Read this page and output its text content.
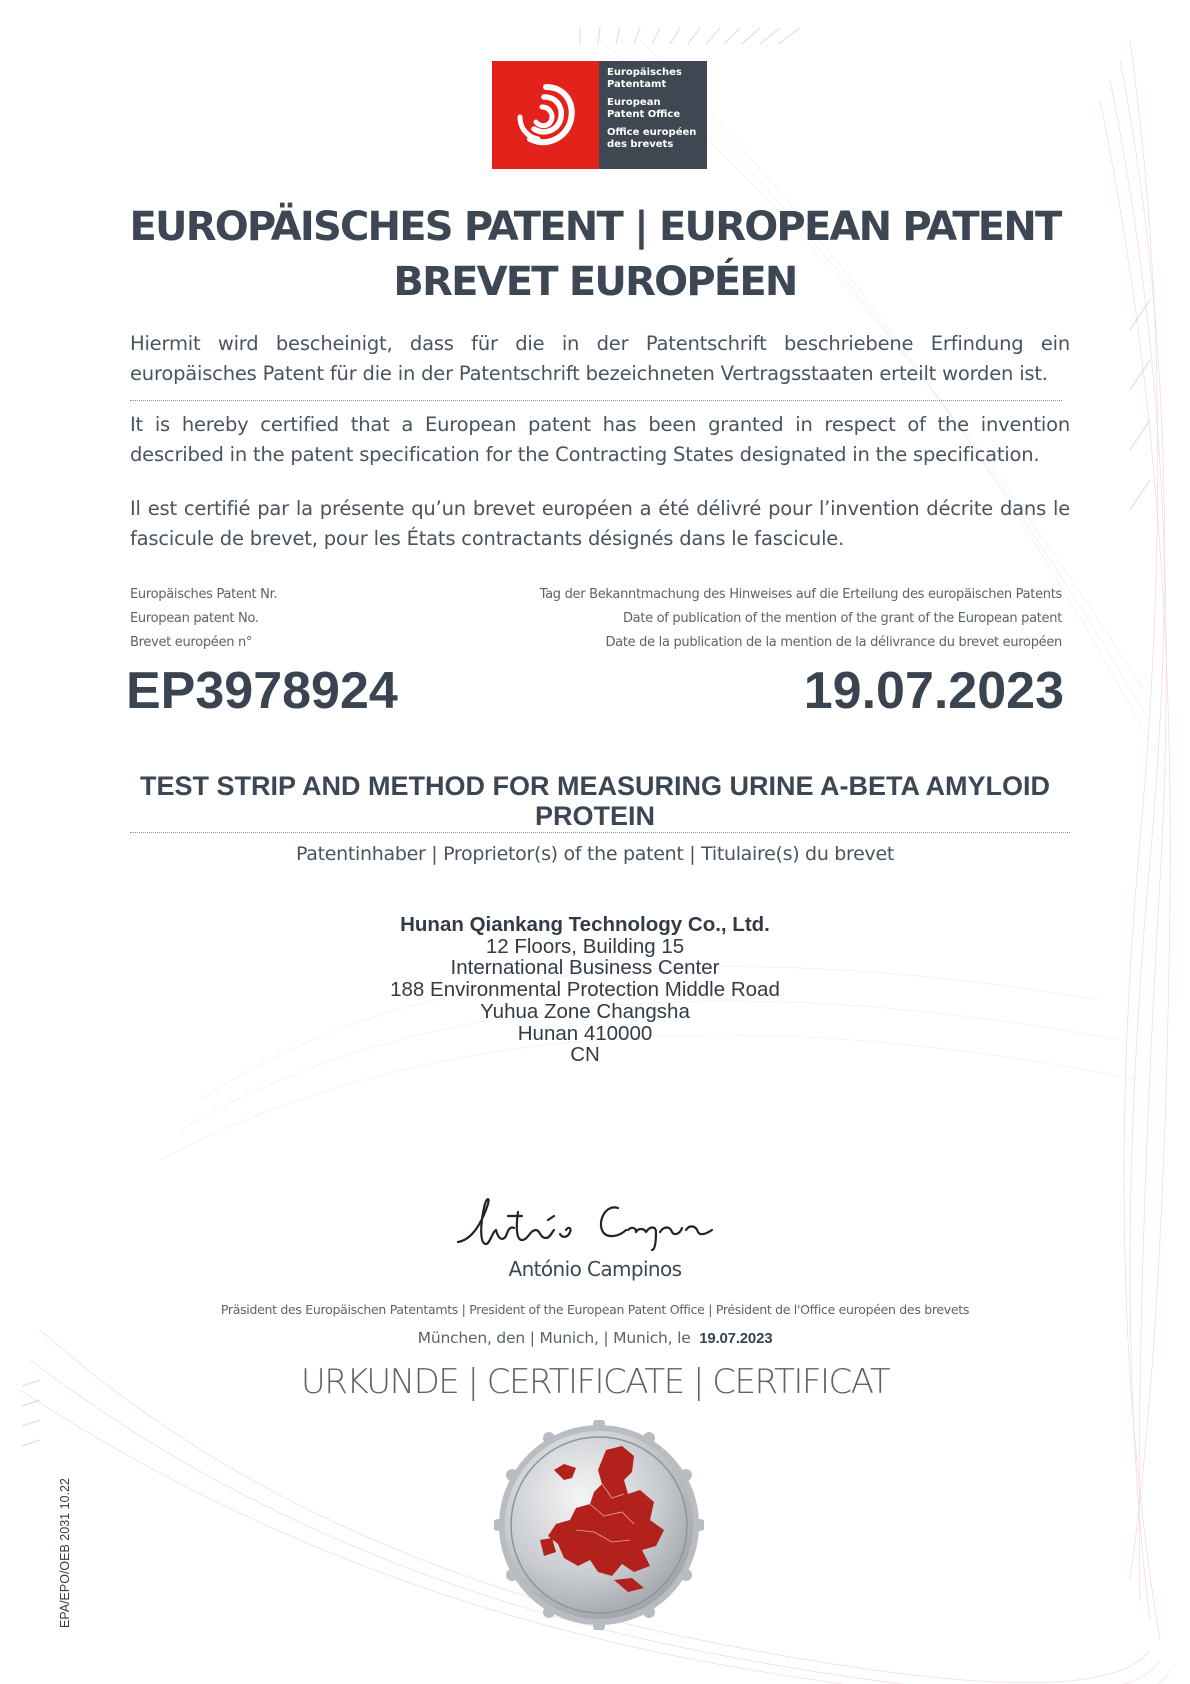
Europäisches
Patentamt
European
Patent Office
Office européen
des brevets
EUROPÄISCHES PATENT | EUROPEAN PATENT
BREVET EUROPÉEN
Hiermit wird bescheinigt, dass für die in der Patentschrift beschriebene Erfindung ein europäisches Patent für die in der Patentschrift bezeichneten Vertragsstaaten erteilt worden ist.
It is hereby certified that a European patent has been granted in respect of the invention described in the patent specification for the Contracting States designated in the specification.
Il est certifié par la présente qu’un brevet européen a été délivré pour l’invention décrite dans le fascicule de brevet, pour les États contractants désignés dans le fascicule.
Europäisches Patent Nr.
European patent No.
Brevet européen n°
Tag der Bekanntmachung des Hinweises auf die Erteilung des europäischen Patents
Date of publication of the mention of the grant of the European patent
Date de la publication de la mention de la délivrance du brevet européen
EP3978924	19.07.2023
TEST STRIP AND METHOD FOR MEASURING URINE A-BETA AMYLOID PROTEIN
Patentinhaber | Proprietor(s) of the patent | Titulaire(s) du brevet
Hunan Qiankang Technology Co., Ltd.
12 Floors, Building 15
International Business Center
188 Environmental Protection Middle Road
Yuhua Zone Changsha
Hunan 410000
CN
António Campinos
Präsident des Europäischen Patentamts | President of the European Patent Office | Président de l'Office européen des brevets
München, den | Munich, | Munich, le 19.07.2023
URKUNDE | CERTIFICATE | CERTIFICAT
EPA/EPO/OEB 2031 10.22
